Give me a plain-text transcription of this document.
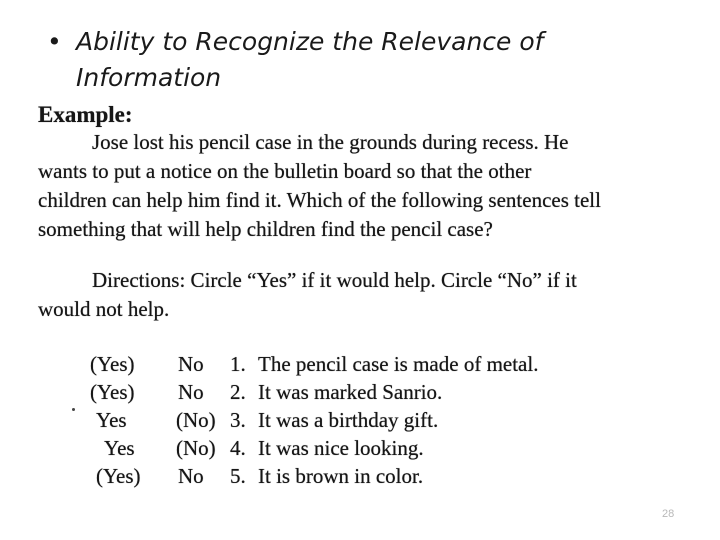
• Ability to Recognize the Relevance of Information
Example:
Jose lost his pencil case in the grounds during recess. He
wants to put a notice on the bulletin board so that the other
children can help him find it. Which of the following sentences tell
something that will help children find the pencil case?
Directions: Circle “Yes” if it would help. Circle “No” if it
would not help.
(Yes) No 1. The pencil case is made of metal.
(Yes) No 2. It was marked Sanrio.
Yes (No) 3. It was a birthday gift.
Yes (No) 4. It was nice looking.
(Yes) No 5. It is brown in color.
28
